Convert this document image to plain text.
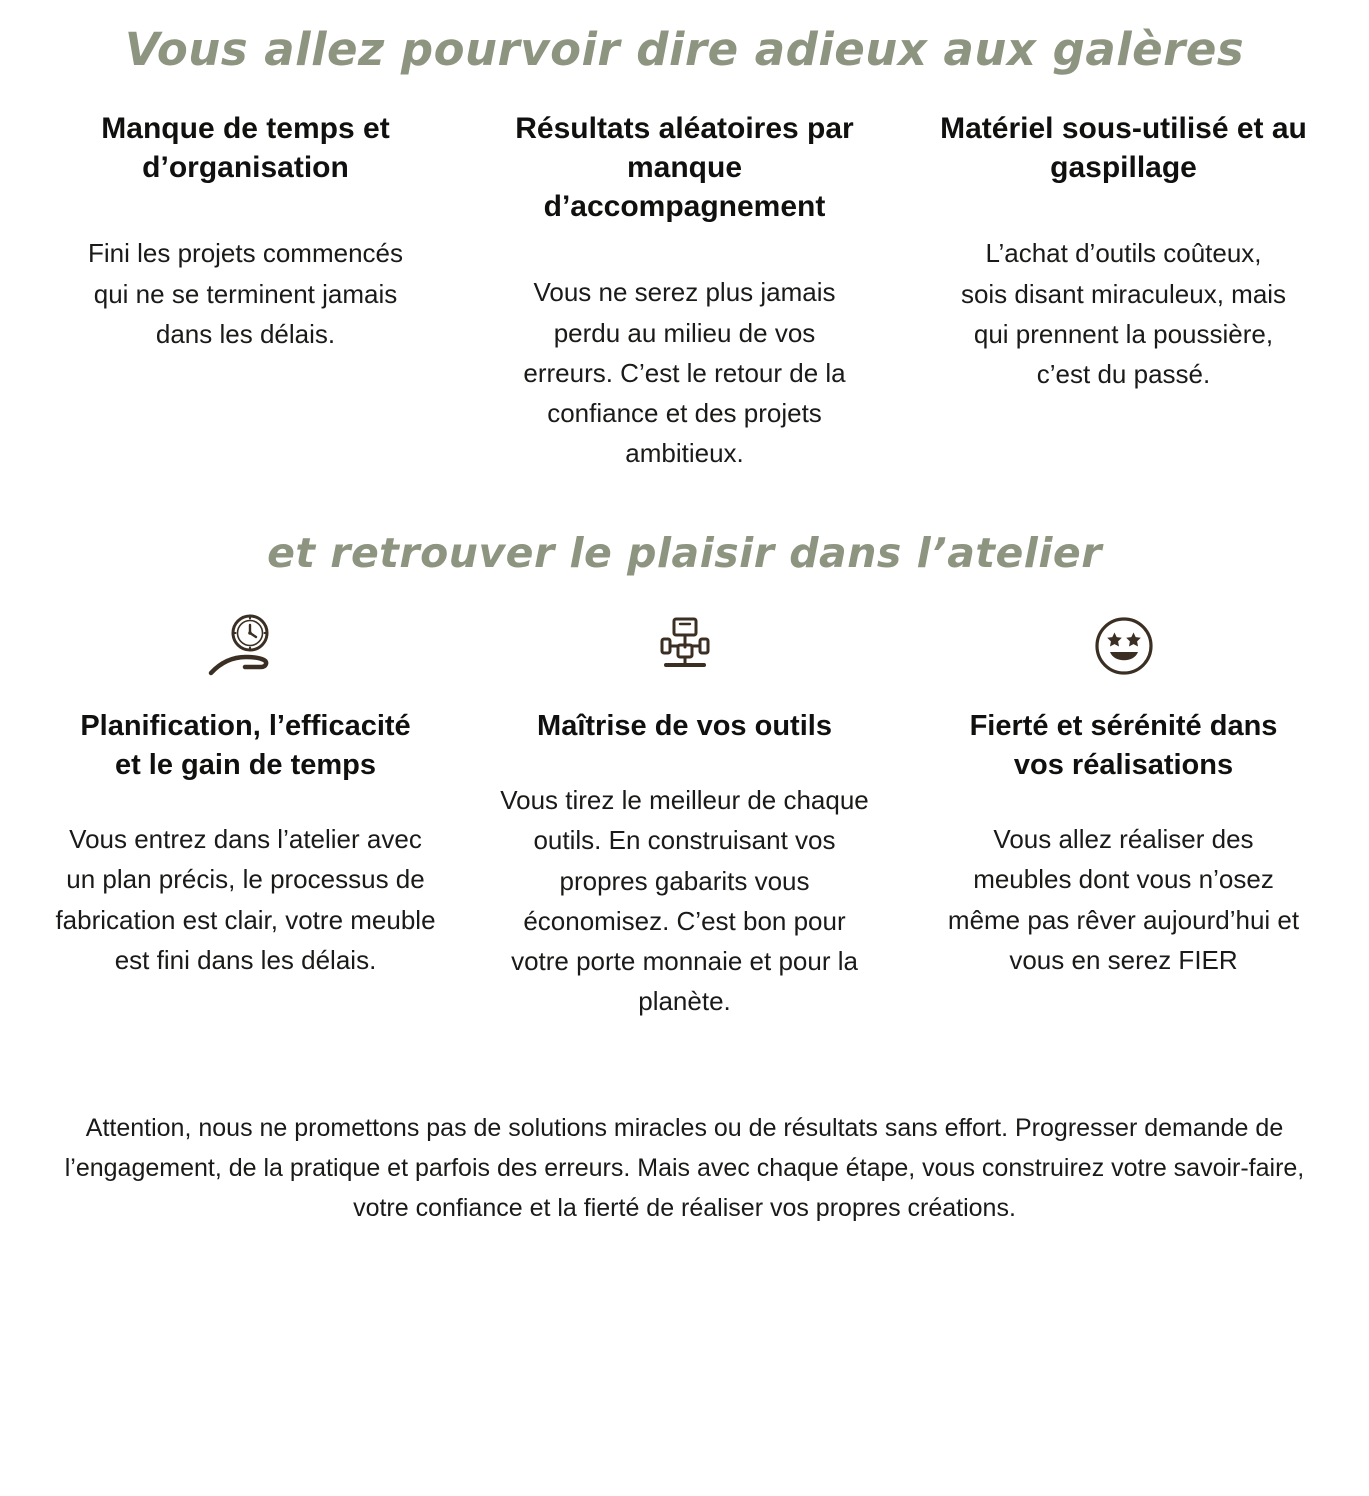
Vous allez pourvoir dire adieux aux galères
Manque de temps et d’organisation
Fini les projets commencés qui ne se terminent jamais dans les délais.
Résultats aléatoires par manque d’accompagnement
Vous ne serez plus jamais perdu au milieu de vos erreurs. C’est le retour de la confiance et des projets ambitieux.
Matériel sous-utilisé et au gaspillage
L’achat d’outils coûteux, sois disant miraculeux, mais qui prennent la poussière, c’est du passé.
et retrouver le plaisir dans l’atelier
Planification, l’efficacité et le gain de temps
Vous entrez dans l’atelier avec un plan précis, le processus de fabrication est clair, votre meuble est fini dans les délais.
Maîtrise de vos outils
Vous tirez le meilleur de chaque outils. En construisant vos propres gabarits vous économisez. C’est bon pour votre porte monnaie et pour la planète.
Fierté et sérénité dans vos réalisations
Vous allez réaliser des meubles dont vous n’osez même pas rêver aujourd’hui et vous en serez FIER
Attention, nous ne promettons pas de solutions miracles ou de résultats sans effort. Progresser demande de l’engagement, de la pratique et parfois des erreurs. Mais avec chaque étape, vous construirez votre savoir-faire, votre confiance et la fierté de réaliser vos propres créations.
